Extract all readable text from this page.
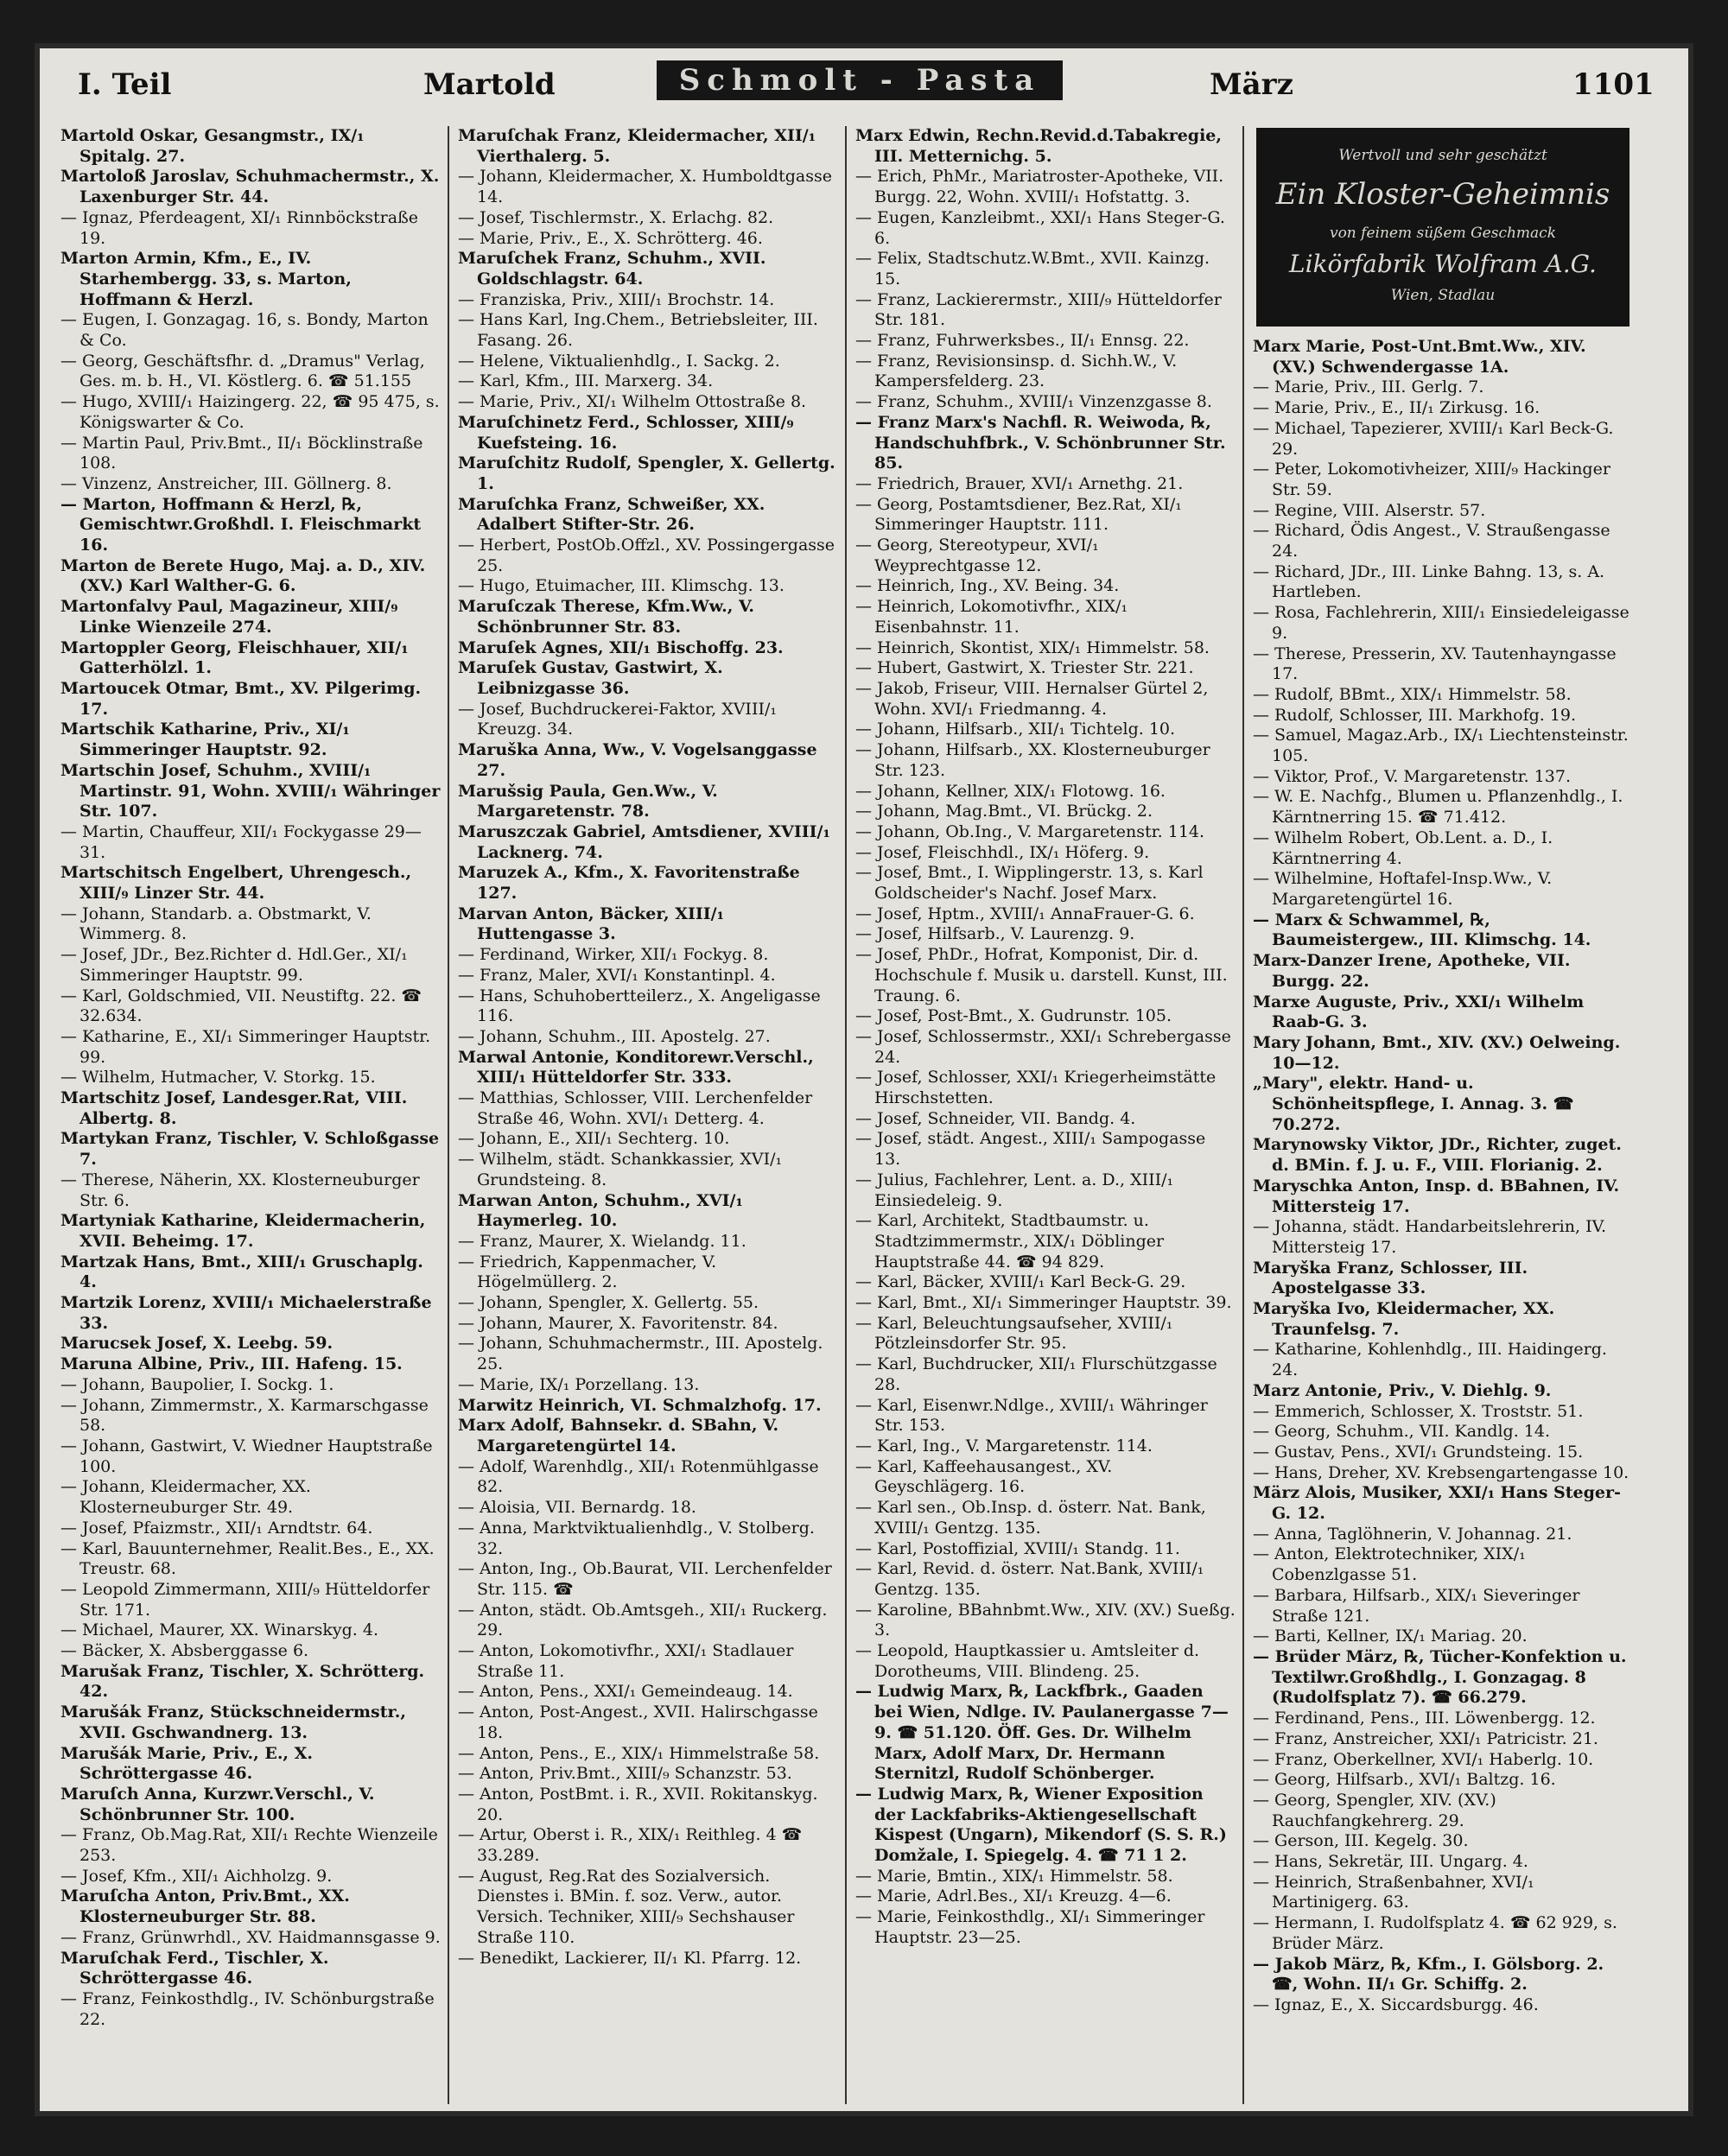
I. Teil	Martold	Schmolt - Pasta	März	1101

Martold Oskar, Gesangmstr., IX/₁ Spitalg. 27.

Martoloß Jaroslav, Schuhmachermstr., X. Laxenburger Str. 44.

— Ignaz, Pferdeagent, XI/₁ Rinnböckstraße 19.

Marton Armin, Kfm., E., IV. Starhembergg. 33, s. Marton, Hoffmann & Herzl.

— Eugen, I. Gonzagag. 16, s. Bondy, Marton & Co.

— Georg, Geschäftsfhr. d. „Dramus" Verlag, Ges. m. b. H., VI. Köstlerg. 6. ☎ 51.155

— Hugo, XVIII/₁ Haizingerg. 22, ☎ 95 475, s. Königswarter & Co.

— Martin Paul, Priv.Bmt., II/₁ Böcklinstraße 108.

— Vinzenz, Anstreicher, III. Göllnerg. 8.

— Marton, Hoffmann & Herzl, ℞, Gemischtwr.Großhdl. I. Fleischmarkt 16.

Marton de Berete Hugo, Maj. a. D., XIV. (XV.) Karl Walther-G. 6.

Martonfalvy Paul, Magazineur, XIII/₉ Linke Wienzeile 274.

Martoppler Georg, Fleischhauer, XII/₁ Gatterhölzl. 1.

Martoucek Otmar, Bmt., XV. Pilgerimg. 17.

Martschik Katharine, Priv., XI/₁ Simmeringer Hauptstr. 92.

Martschin Josef, Schuhm., XVIII/₁ Martinstr. 91, Wohn. XVIII/₁ Währinger Str. 107.

— Martin, Chauffeur, XII/₁ Fockygasse 29—31.

Martschitsch Engelbert, Uhrengesch., XIII/₉ Linzer Str. 44.

— Johann, Standarb. a. Obstmarkt, V. Wimmerg. 8.

— Josef, JDr., Bez.Richter d. Hdl.Ger., XI/₁ Simmeringer Hauptstr. 99.

— Karl, Goldschmied, VII. Neustiftg. 22. ☎ 32.634.

— Katharine, E., XI/₁ Simmeringer Hauptstr. 99.

— Wilhelm, Hutmacher, V. Storkg. 15.

Martschitz Josef, Landesger.Rat, VIII. Albertg. 8.

Martykan Franz, Tischler, V. Schloßgasse 7.

— Therese, Näherin, XX. Klosterneuburger Str. 6.

Martyniak Katharine, Kleidermacherin, XVII. Beheimg. 17.

Martzak Hans, Bmt., XIII/₁ Gruschaplg. 4.

Martzik Lorenz, XVIII/₁ Michaelerstraße 33.

Marucsek Josef, X. Leebg. 59.

Maruna Albine, Priv., III. Hafeng. 15.

— Johann, Baupolier, I. Sockg. 1.

— Johann, Zimmermstr., X. Karmarschgasse 58.

— Johann, Gastwirt, V. Wiedner Hauptstraße 100.

— Johann, Kleidermacher, XX. Klosterneuburger Str. 49.

— Josef, Pfaizmstr., XII/₁ Arndtstr. 64.

— Karl, Bauunternehmer, Realit.Bes., E., XX. Treustr. 68.

— Leopold Zimmermann, XIII/₉ Hütteldorfer Str. 171.

— Michael, Maurer, XX. Winarskyg. 4.

— Bäcker, X. Absberggasse 6.

Marušak Franz, Tischler, X. Schrötterg. 42.

Marušák Franz, Stückschneidermstr., XVII. Gschwandnerg. 13.

Marušák Marie, Priv., E., X. Schröttergasse 46.

Maruſch Anna, Kurzwr.Verschl., V. Schönbrunner Str. 100.

— Franz, Ob.Mag.Rat, XII/₁ Rechte Wienzeile 253.

— Josef, Kfm., XII/₁ Aichholzg. 9.

Maruſcha Anton, Priv.Bmt., XX. Klosterneuburger Str. 88.

— Franz, Grünwrhdl., XV. Haidmannsgasse 9.

Maruſchak Ferd., Tischler, X. Schröttergasse 46.

— Franz, Feinkosthdlg., IV. Schönburgstraße 22.

Maruſchak Franz, Kleidermacher, XII/₁ Vierthalerg. 5.

— Johann, Kleidermacher, X. Humboldtgasse 14.

— Josef, Tischlermstr., X. Erlachg. 82.

— Marie, Priv., E., X. Schrötterg. 46.

Maruſchek Franz, Schuhm., XVII. Goldschlagstr. 64.

— Franziska, Priv., XIII/₁ Brochstr. 14.

— Hans Karl, Ing.Chem., Betriebsleiter, III. Fasang. 26.

— Helene, Viktualienhdlg., I. Sackg. 2.

— Karl, Kfm., III. Marxerg. 34.

— Marie, Priv., XI/₁ Wilhelm Ottostraße 8.

Maruſchinetz Ferd., Schlosser, XIII/₉ Kuefsteing. 16.

Maruſchitz Rudolf, Spengler, X. Gellertg. 1.

Maruſchka Franz, Schweißer, XX. Adalbert Stifter-Str. 26.

— Herbert, PostOb.Offzl., XV. Possingergasse 25.

— Hugo, Etuimacher, III. Klimschg. 13.

Maruſczak Therese, Kfm.Ww., V. Schönbrunner Str. 83.

Maruſek Agnes, XII/₁ Bischoffg. 23.

Maruſek Gustav, Gastwirt, X. Leibnizgasse 36.

— Josef, Buchdruckerei-Faktor, XVIII/₁ Kreuzg. 34.

Maruška Anna, Ww., V. Vogelsanggasse 27.

Marušsig Paula, Gen.Ww., V. Margaretenstr. 78.

Maruszczak Gabriel, Amtsdiener, XVIII/₁ Lacknerg. 74.

Maruzek A., Kfm., X. Favoritenstraße 127.

Marvan Anton, Bäcker, XIII/₁ Huttengasse 3.

— Ferdinand, Wirker, XII/₁ Fockyg. 8.

— Franz, Maler, XVI/₁ Konstantinpl. 4.

— Hans, Schuhobertteilerz., X. Angeligasse 116.

— Johann, Schuhm., III. Apostelg. 27.

Marwal Antonie, Konditorewr.Verschl., XIII/₁ Hütteldorfer Str. 333.

— Matthias, Schlosser, VIII. Lerchenfelder Straße 46, Wohn. XVI/₁ Detterg. 4.

— Johann, E., XII/₁ Sechterg. 10.

— Wilhelm, städt. Schankkassier, XVI/₁ Grundsteing. 8.

Marwan Anton, Schuhm., XVI/₁ Haymerleg. 10.

— Franz, Maurer, X. Wielandg. 11.

— Friedrich, Kappenmacher, V. Högelmüllerg. 2.

— Johann, Spengler, X. Gellertg. 55.

— Johann, Maurer, X. Favoritenstr. 84.

— Johann, Schuhmachermstr., III. Apostelg. 25.

— Marie, IX/₁ Porzellang. 13.

Marwitz Heinrich, VI. Schmalzhofg. 17.

Marx Adolf, Bahnsekr. d. SBahn, V. Margaretengürtel 14.

— Adolf, Warenhdlg., XII/₁ Rotenmühlgasse 82.

— Aloisia, VII. Bernardg. 18.

— Anna, Marktviktualienhdlg., V. Stolberg. 32.

— Anton, Ing., Ob.Baurat, VII. Lerchenfelder Str. 115. ☎

— Anton, städt. Ob.Amtsgeh., XII/₁ Ruckerg. 29.

— Anton, Lokomotivfhr., XXI/₁ Stadlauer Straße 11.

— Anton, Pens., XXI/₁ Gemeindeaug. 14.

— Anton, Post-Angest., XVII. Halirschgasse 18.

— Anton, Pens., E., XIX/₁ Himmelstraße 58.

— Anton, Priv.Bmt., XIII/₉ Schanzstr. 53.

— Anton, PostBmt. i. R., XVII. Rokitanskyg. 20.

— Artur, Oberst i. R., XIX/₁ Reithleg. 4 ☎ 33.289.

— August, Reg.Rat des Sozialversich. Dienstes i. BMin. f. soz. Verw., autor. Versich. Techniker, XIII/₉ Sechshauser Straße 110.

— Benedikt, Lackierer, II/₁ Kl. Pfarrg. 12.

Marx Edwin, Rechn.Revid.d.Tabakregie, III. Metternichg. 5.

— Erich, PhMr., Mariatroster-Apotheke, VII. Burgg. 22, Wohn. XVIII/₁ Hofstattg. 3.

— Eugen, Kanzleibmt., XXI/₁ Hans Steger-G. 6.

— Felix, Stadtschutz.W.Bmt., XVII. Kainzg. 15.

— Franz, Lackierermstr., XIII/₉ Hütteldorfer Str. 181.

— Franz, Fuhrwerksbes., II/₁ Ennsg. 22.

— Franz, Revisionsinsp. d. Sichh.W., V. Kampersfelderg. 23.

— Franz, Schuhm., XVIII/₁ Vinzenzgasse 8.

— Franz Marx's Nachfl. R. Weiwoda, ℞, Handschuhfbrk., V. Schönbrunner Str. 85.

— Friedrich, Brauer, XVI/₁ Arnethg. 21.

— Georg, Postamtsdiener, Bez.Rat, XI/₁ Simmeringer Hauptstr. 111.

— Georg, Stereotypeur, XVI/₁ Weyprechtgasse 12.

— Heinrich, Ing., XV. Being. 34.

— Heinrich, Lokomotivfhr., XIX/₁ Eisenbahnstr. 11.

— Heinrich, Skontist, XIX/₁ Himmelstr. 58.

— Hubert, Gastwirt, X. Triester Str. 221.

— Jakob, Friseur, VIII. Hernalser Gürtel 2, Wohn. XVI/₁ Friedmanng. 4.

— Johann, Hilfsarb., XII/₁ Tichtelg. 10.

— Johann, Hilfsarb., XX. Klosterneuburger Str. 123.

— Johann, Kellner, XIX/₁ Flotowg. 16.

— Johann, Mag.Bmt., VI. Brückg. 2.

— Johann, Ob.Ing., V. Margaretenstr. 114.

— Josef, Fleischhdl., IX/₁ Höferg. 9.

— Josef, Bmt., I. Wipplingerstr. 13, s. Karl Goldscheider's Nachf. Josef Marx.

— Josef, Hptm., XVIII/₁ AnnaFrauer-G. 6.

— Josef, Hilfsarb., V. Laurenzg. 9.

— Josef, PhDr., Hofrat, Komponist, Dir. d. Hochschule f. Musik u. darstell. Kunst, III. Traung. 6.

— Josef, Post-Bmt., X. Gudrunstr. 105.

— Josef, Schlossermstr., XXI/₁ Schrebergasse 24.

— Josef, Schlosser, XXI/₁ Kriegerheimstätte Hirschstetten.

— Josef, Schneider, VII. Bandg. 4.

— Josef, städt. Angest., XIII/₁ Sampogasse 13.

— Julius, Fachlehrer, Lent. a. D., XIII/₁ Einsiedeleig. 9.

— Karl, Architekt, Stadtbaumstr. u. Stadtzimmermstr., XIX/₁ Döblinger Hauptstraße 44. ☎ 94 829.

— Karl, Bäcker, XVIII/₁ Karl Beck-G. 29.

— Karl, Bmt., XI/₁ Simmeringer Hauptstr. 39.

— Karl, Beleuchtungsaufseher, XVIII/₁ Pötzleinsdorfer Str. 95.

— Karl, Buchdrucker, XII/₁ Flurschützgasse 28.

— Karl, Eisenwr.Ndlge., XVIII/₁ Währinger Str. 153.

— Karl, Ing., V. Margaretenstr. 114.

— Karl, Kaffeehausangest., XV. Geyschlägerg. 16.

— Karl sen., Ob.Insp. d. österr. Nat. Bank, XVIII/₁ Gentzg. 135.

— Karl, Postoffizial, XVIII/₁ Standg. 11.

— Karl, Revid. d. österr. Nat.Bank, XVIII/₁ Gentzg. 135.

— Karoline, BBahnbmt.Ww., XIV. (XV.) Sueßg. 3.

— Leopold, Hauptkassier u. Amtsleiter d. Dorotheums, VIII. Blindeng. 25.

— Ludwig Marx, ℞, Lackfbrk., Gaaden bei Wien, Ndlge. IV. Paulanergasse 7—9. ☎ 51.120. Öff. Ges. Dr. Wilhelm Marx, Adolf Marx, Dr. Hermann Sternitzl, Rudolf Schönberger.

— Ludwig Marx, ℞, Wiener Exposition der Lackfabriks-Aktiengesellschaft Kispest (Ungarn), Mikendorf (S. S. R.) Domžale, I. Spiegelg. 4. ☎ 71 1 2.

— Marie, Bmtin., XIX/₁ Himmelstr. 58.

— Marie, Adrl.Bes., XI/₁ Kreuzg. 4—6.

— Marie, Feinkosthdlg., XI/₁ Simmeringer Hauptstr. 23—25.

Wertvoll und sehr geschätzt
Ein Kloster-Geheimnis
von feinem süßem Geschmack
Likörfabrik Wolfram A.G.
Wien, Stadlau

Marx Marie, Post-Unt.Bmt.Ww., XIV. (XV.) Schwendergasse 1A.

— Marie, Priv., III. Gerlg. 7.

— Marie, Priv., E., II/₁ Zirkusg. 16.

— Michael, Tapezierer, XVIII/₁ Karl Beck-G. 29.

— Peter, Lokomotivheizer, XIII/₉ Hackinger Str. 59.

— Regine, VIII. Alserstr. 57.

— Richard, Ödis Angest., V. Straußengasse 24.

— Richard, JDr., III. Linke Bahng. 13, s. A. Hartleben.

— Rosa, Fachlehrerin, XIII/₁ Einsiedeleigasse 9.

— Therese, Presserin, XV. Tautenhayngasse 17.

— Rudolf, BBmt., XIX/₁ Himmelstr. 58.

— Rudolf, Schlosser, III. Markhofg. 19.

— Samuel, Magaz.Arb., IX/₁ Liechtensteinstr. 105.

— Viktor, Prof., V. Margaretenstr. 137.

— W. E. Nachfg., Blumen u. Pflanzenhdlg., I. Kärntnerring 15. ☎ 71.412.

— Wilhelm Robert, Ob.Lent. a. D., I. Kärntnerring 4.

— Wilhelmine, Hoftafel-Insp.Ww., V. Margaretengürtel 16.

— Marx & Schwammel, ℞, Baumeistergew., III. Klimschg. 14.

Marx-Danzer Irene, Apotheke, VII. Burgg. 22.

Marxe Auguste, Priv., XXI/₁ Wilhelm Raab-G. 3.

Mary Johann, Bmt., XIV. (XV.) Oelweing. 10—12.

„Mary", elektr. Hand- u. Schönheitspflege, I. Annag. 3. ☎ 70.272.

Marynowsky Viktor, JDr., Richter, zuget. d. BMin. f. J. u. F., VIII. Florianig. 2.

Maryschka Anton, Insp. d. BBahnen, IV. Mittersteig 17.

— Johanna, städt. Handarbeitslehrerin, IV. Mittersteig 17.

Maryška Franz, Schlosser, III. Apostelgasse 33.

Maryška Ivo, Kleidermacher, XX. Traunfelsg. 7.

— Katharine, Kohlenhdlg., III. Haidingerg. 24.

Marz Antonie, Priv., V. Diehlg. 9.

— Emmerich, Schlosser, X. Troststr. 51.

— Georg, Schuhm., VII. Kandlg. 14.

— Gustav, Pens., XVI/₁ Grundsteing. 15.

— Hans, Dreher, XV. Krebsengartengasse 10.

März Alois, Musiker, XXI/₁ Hans Steger-G. 12.

— Anna, Taglöhnerin, V. Johannag. 21.

— Anton, Elektrotechniker, XIX/₁ Cobenzlgasse 51.

— Barbara, Hilfsarb., XIX/₁ Sieveringer Straße 121.

— Barti, Kellner, IX/₁ Mariag. 20.

— Brüder März, ℞, Tücher-Konfektion u. Textilwr.Großhdlg., I. Gonzagag. 8 (Rudolfsplatz 7). ☎ 66.279.

— Ferdinand, Pens., III. Löwenbergg. 12.

— Franz, Anstreicher, XXI/₁ Patricistr. 21.

— Franz, Oberkellner, XVI/₁ Haberlg. 10.

— Georg, Hilfsarb., XVI/₁ Baltzg. 16.

— Georg, Spengler, XIV. (XV.) Rauchfangkehrerg. 29.

— Gerson, III. Kegelg. 30.

— Hans, Sekretär, III. Ungarg. 4.

— Heinrich, Straßenbahner, XVI/₁ Martinigerg. 63.

— Hermann, I. Rudolfsplatz 4. ☎ 62 929, s. Brüder März.

— Jakob März, ℞, Kfm., I. Gölsborg. 2. ☎, Wohn. II/₁ Gr. Schiffg. 2.

— Ignaz, E., X. Siccardsburgg. 46.
